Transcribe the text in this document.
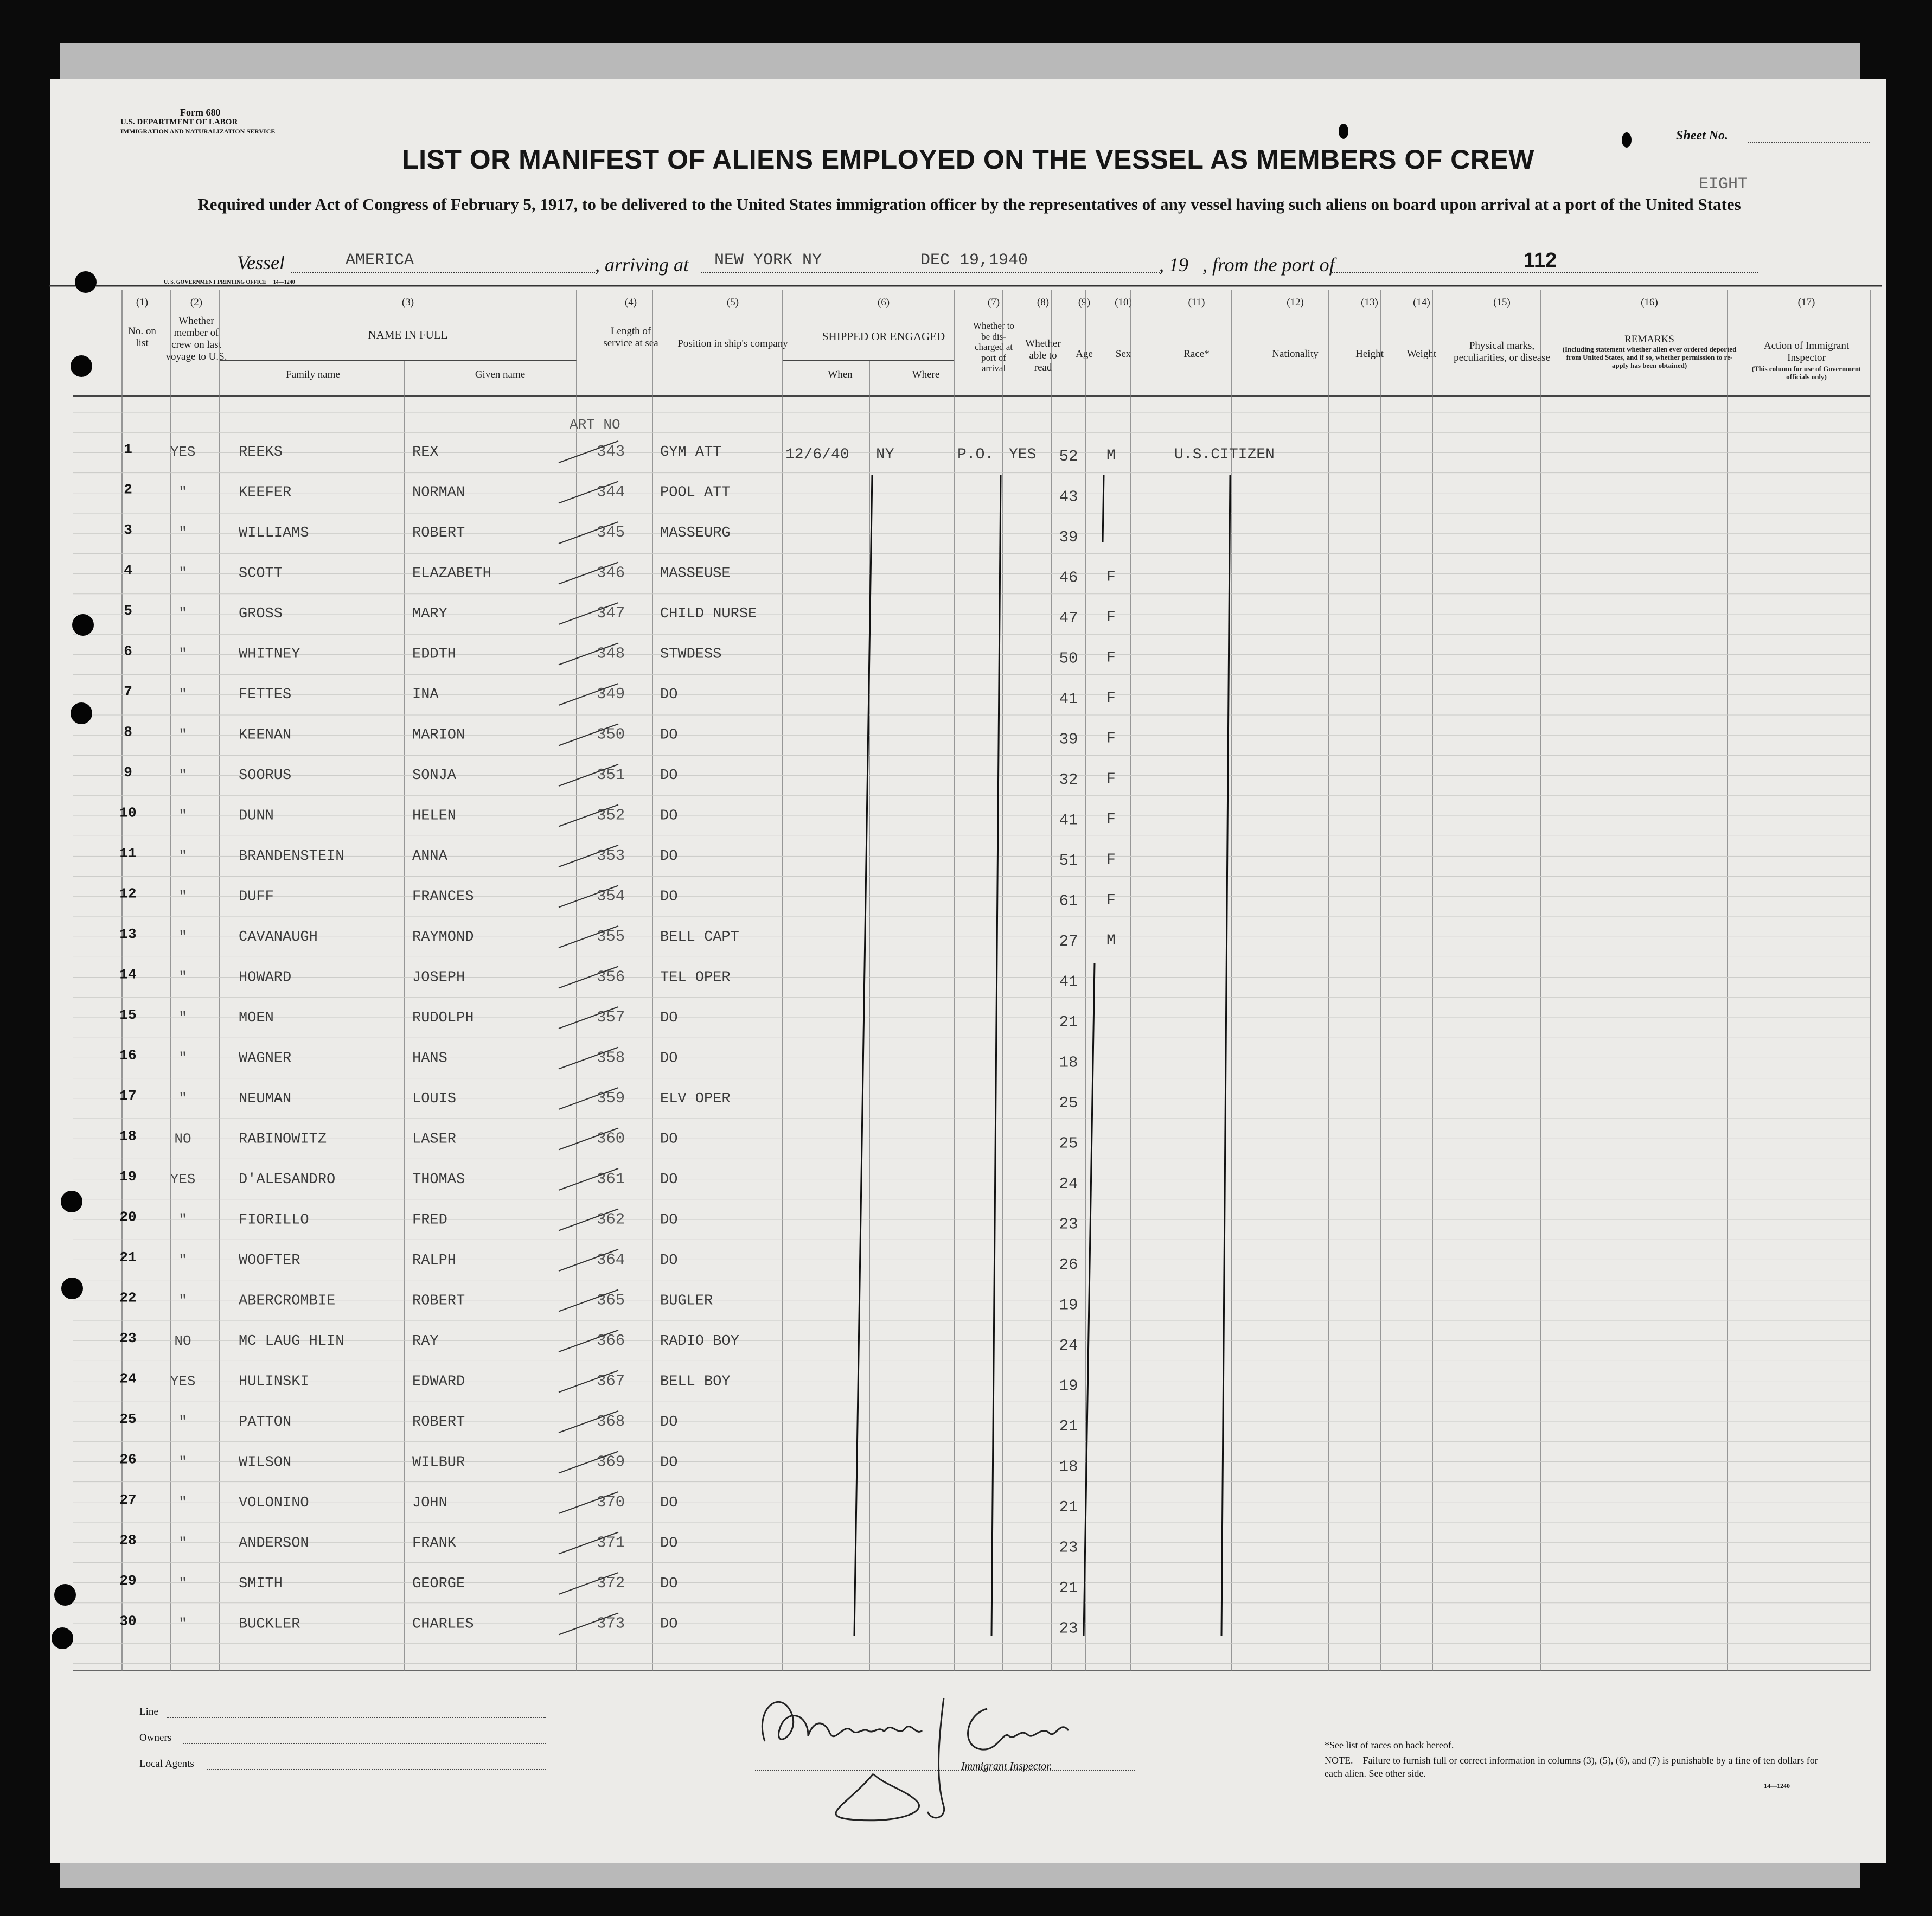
Form 680
U.S. DEPARTMENT OF LABOR
IMMIGRATION AND NATURALIZATION SERVICE	Sheet No.
EIGHT
LIST OR MANIFEST OF ALIENS EMPLOYED ON THE VESSEL AS MEMBERS OF CREW
Required under Act of Congress of February 5, 1917, to be delivered to the United States immigration officer by the representatives of any vessel having such aliens on board upon arrival at a port of the United States
Vessel	AMERICA	, arriving at NEW YORK NY	DEC 19,1940	, 19 , from the port of	112
U. S. GOVERNMENT PRINTING OFFICE     14—1240
(1)
No. on list
(2)
Whether member of crew on last voyage to U.S.
(3)
NAME IN FULL
Family name	Given name
(4)
Length of service at sea
(5)
Position in ship's company
(6)
SHIPPED OR ENGAGED
When	Where
(7)
Whether to be dis-charged at port of arrival
(8)
Whether able to read
(9)
Age
(10)
Sex
(11)
Race*
(12)
Nationality
(13)
Height
(14)
Weight
(15)
Physical marks, peculiarities, or disease
(16)
REMARKS
(Including statement whether alien ever ordered deported from United States, and if so, whether permission to re-apply has been obtained)
(17)
Action of Immigrant Inspector
(This column for use of Government officials only)
Line
Owners
Local Agents	Immigrant Inspector.
*See list of races on back hereof.
NOTE.—Failure to furnish full or correct information in columns (3), (5), (6), and (7) is punishable by a fine of ten dollars for each alien. See other side.
14—1240
ART NO
1	YES	REEKS	REX	343 GYM ATT	12/6/40 NY	P.O. YES 52 M	U.S.CITIZEN
2	"	KEEFER	NORMAN	344 POOL ATT	43
3	"	WILLIAMS	ROBERT	345 MASSEURG	39
4	"	SCOTT	ELAZABETH	346 MASSEUSE	46 F
5	"	GROSS	MARY	347 CHILD NURSE	47 F
6	"	WHITNEY	EDDTH	348 STWDESS	50 F
7	"	FETTES	INA	349 DO	41 F
8	"	KEENAN	MARION	350 DO	39 F
9	"	SOORUS	SONJA	351 DO	32 F
10	"	DUNN	HELEN	352 DO	41 F
11	"	BRANDENSTEIN	ANNA	353 DO	51 F
12	"	DUFF	FRANCES	354 DO	61 F
13	"	CAVANAUGH	RAYMOND	355 BELL CAPT	27 M
14	"	HOWARD	JOSEPH	356 TEL OPER	41
15	"	MOEN	RUDOLPH	357 DO	21
16	"	WAGNER	HANS	358 DO	18
17	"	NEUMAN	LOUIS	359 ELV OPER	25
18	NO	RABINOWITZ	LASER	360 DO	25
19 YES	D'ALESANDRO	THOMAS	361 DO	24
20	"	FIORILLO	FRED	362 DO	23
21	"	WOOFTER	RALPH	364 DO	26
22	"	ABERCROMBIE	ROBERT	365 BUGLER	19
23	NO	MC LAUG HLIN	RAY	366 RADIO BOY	24
24 YES	HULINSKI	EDWARD	367 BELL BOY	19
25	"	PATTON	ROBERT	368 DO	21
26	"	WILSON	WILBUR	369 DO	18
27	"	VOLONINO	JOHN	370 DO	21
28	"	ANDERSON	FRANK	371 DO	23
29	"	SMITH	GEORGE	372 DO	21
30	"	BUCKLER	CHARLES	373 DO	23
